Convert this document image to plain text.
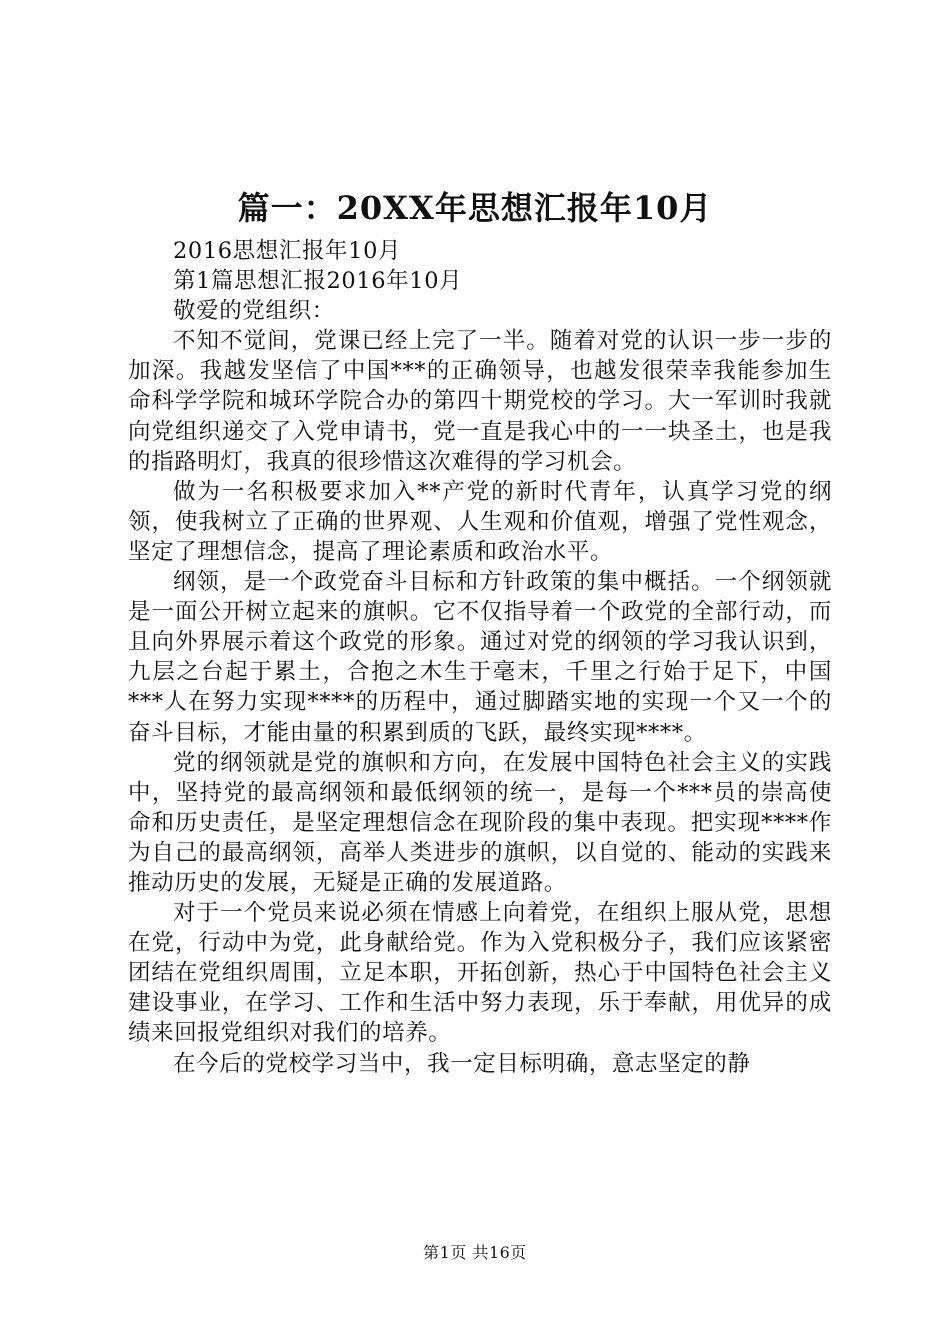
篇一：20XX年思想汇报年10月

2016思想汇报年10月

第1篇思想汇报2016年10月

敬爱的党组织：

不知不觉间，党课已经上完了一半。随着对党的认识一步一步的加深。我越发坚信了中国***的正确领导，也越发很荣幸我能参加生命科学学院和城环学院合办的第四十期党校的学习。大一军训时我就向党组织递交了入党申请书，党一直是我心中的一一块圣土，也是我的指路明灯，我真的很珍惜这次难得的学习机会。

做为一名积极要求加入**产党的新时代青年，认真学习党的纲领，使我树立了正确的世界观、人生观和价值观，增强了党性观念，坚定了理想信念，提高了理论素质和政治水平。

纲领，是一个政党奋斗目标和方针政策的集中概括。一个纲领就是一面公开树立起来的旗帜。它不仅指导着一个政党的全部行动，而且向外界展示着这个政党的形象。通过对党的纲领的学习我认识到，九层之台起于累土，合抱之木生于毫末，千里之行始于足下，中国***人在努力实现****的历程中，通过脚踏实地的实现一个又一个的奋斗目标，才能由量的积累到质的飞跃，最终实现****。

党的纲领就是党的旗帜和方向，在发展中国特色社会主义的实践中，坚持党的最高纲领和最低纲领的统一，是每一个***员的崇高使命和历史责任，是坚定理想信念在现阶段的集中表现。把实现****作为自己的最高纲领，高举人类进步的旗帜，以自觉的、能动的实践来推动历史的发展，无疑是正确的发展道路。

对于一个党员来说必须在情感上向着党，在组织上服从党，思想在党，行动中为党，此身献给党。作为入党积极分子，我们应该紧密团结在党组织周围，立足本职，开拓创新，热心于中国特色社会主义建设事业，在学习、工作和生活中努力表现，乐于奉献，用优异的成绩来回报党组织对我们的培养。

在今后的党校学习当中，我一定目标明确，意志坚定的静

第1页 共16页
